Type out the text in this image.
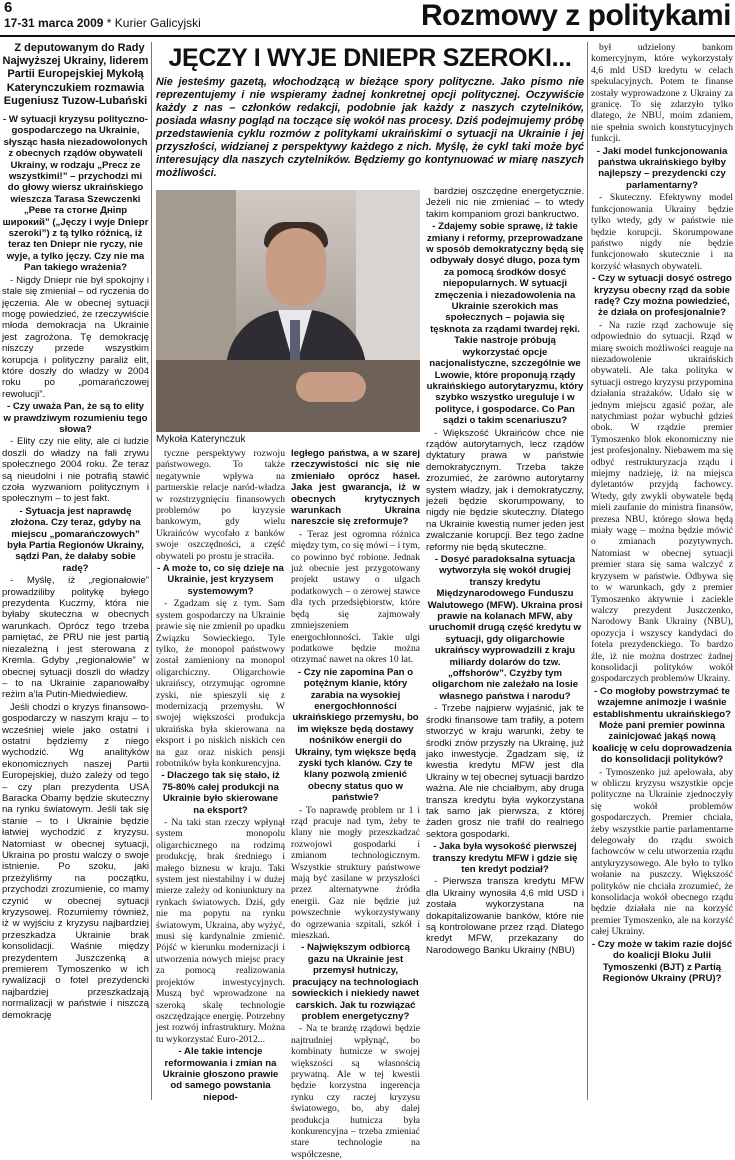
6
17-31 marca 2009 * Kurier Galicyjski	Rozmowy z politykami

Z deputowanym do Rady Najwyższej Ukrainy, liderem Partii Europejskiej Mykołą Katerynczukiem rozmawia Eugeniusz Tuzow-Lubański

- W sytuacji kryzysu polityczno-gospodarczego na Ukrainie, słysząc hasła niezadowolonych z obecnych rządów obywateli Ukrainy, w rodzaju „Precz ze wszystkimi!” – przychodzi mi do głowy wiersz ukraińskiego wieszcza Tarasa Szewczenki „Реве та стогне Дніпр широкий” („Jęczy i wyje Dniepr szeroki”) z tą tylko różnicą, iż teraz ten Dniepr nie ryczy, nie wyje, a tylko jęczy. Czy nie ma Pan takiego wrażenia?

- Nigdy Dniepr nie był spokojny i stale się zmieniał – od ryczenia do jęczenia. Ale w obecnej sytuacji mogę powiedzieć, że rzeczywiście młoda demokracja na Ukrainie jest zagrożona. Tę demokrację niszczy przede wszystkim korupcja i polityczny paraliż elit, które doszły do władzy w 2004 roku po „pomarańczowej rewolucji”.

- Czy uważa Pan, że są to elity w prawdziwym rozumieniu tego słowa?

- Elity czy nie elity, ale ci ludzie doszli do władzy na fali zrywu społecznego 2004 roku. Że teraz są nieudolni i nie potrafią stawić czoła wyzwaniom politycznym i społecznym – to jest fakt.

- Sytuacja jest naprawdę złożona. Czy teraz, gdyby na miejscu „pomarańczowych” była Partia Regionów Ukrainy, sądzi Pan, że dałaby sobie radę?

- Myślę, iż „regionałowie” prowadziliby politykę byłego prezydenta Kuczmy, która nie byłaby skuteczna w obecnych warunkach. Oprócz tego trzeba pamiętać, że PRU nie jest partią niezależną i jest sterowana z Kremla. Gdyby „regionałowie” w obecnej sytuacji doszli do władzy – to na Ukrainie zapanowałby reżim a’la Putin-Miedwiediew.

Jeśli chodzi o kryzys finansowo-gospodarczy w naszym kraju – to wcześniej wiele jako ostatni i ostatni będziemy z niego wychodzić. Wg analityków ekonomicznych naszej Partii Europejskiej, dużo zależy od tego – czy plan prezydenta USA Baracka Obamy będzie skuteczny na rynku światowym. Jeśli tak się stanie – to i Ukrainie będzie łatwiej wychodzić z kryzysu. Natomiast w obecnej sytuacji, Ukraina po prostu walczy o swoje istnienie. Po szoku, jaki przeżyliśmy na początku, przychodzi zrozumienie, co mamy czynić w obecnej sytuacji kryzysowej. Rozumiemy również, iż w wyjściu z kryzysu najbardziej przeszkadza Ukrainie brak konsolidacji. Waśnie między prezydentem Juszczenką a premierem Tymoszenko w ich rywalizacji o fotel prezydencki najbardziej przeszkadzają normalizacji w państwie i niszczą demokrację

JĘCZY I WYJE DNIEPR SZEROKI...
Nie jesteśmy gazetą, włochodzącą w bieżące spory polityczne. Jako pismo nie reprezentujemy i nie wspieramy żadnej konkretnej opcji politycznej. Oczywiście każdy z nas – członków redakcji, podobnie jak każdy z naszych czytelników, posiada własny pogląd na toczące się wokół nas procesy. Dziś podejmujemy próbę przedstawienia cyklu rozmów z politykami ukraińskimi o sytuacji na Ukrainie i jej przyszłości, widzianej z perspektywy każdego z nich. Myślę, że cykl taki może być interesujący dla naszych czytelników. Będziemy go kontynuować w miarę naszych możliwości.
Mykoła Katerynczuk

tyczne perspektywy rozwoju państwowego. To także negatywnie wpływa na partnerskie relacje naród-władza w rozstrzygnięciu finansowych problemów po kryzysie bankowym, gdy wielu Ukraińców wycofało z banków swoje oszczędności, a część obywateli po prostu je straciła.

- A może to, co się dzieje na Ukrainie, jest kryzysem systemowym?

- Zgadzam się z tym. Sam system gospodarczy na Ukrainie prawie się nie zmienił po upadku Związku Sowieckiego. Tyle tylko, że monopol państwowy został zamieniony na monopol oligarchiczny. Oligarchowie ukraińscy, otrzymując ogromne zyski, nie spieszyli się z modernizacją przemysłu. W swojej większości produkcja ukraińska była skierowana na eksport i po niskich niskich cen na gaz oraz niskich pensji robotników była konkurencyjna.

- Dlaczego tak się stało, iż 75-80% całej produkcji na Ukrainie było skierowane na eksport?

- Na taki stan rzeczy wpłynął system monopolu oligarchicznego na rodzimą produkcję, brak średniego i małego biznesu w kraju. Taki system jest niestabilny i w dużej mierze zależy od koniunktury na rynkach światowych. Dziś, gdy nie ma popytu na rynku światowym, Ukraina, aby wyżyć, musi się kardynalnie zmienić. Pójść w kierunku modernizacji i utworzenia nowych miejsc pracy za pomocą realizowania projektów inwestycyjnych. Muszą być wprowadzone na szeroką skalę technologie oszczędzające energię. Potrzebny jest rozwój infrastruktury. Można tu wykorzystać Euro-2012...

- Ale takie intencje reformowania i zmian na Ukrainie głoszono prawie od samego powstania niepod-

ległego państwa, a w szarej rzeczywistości nic się nie zmieniało oprócz haseł. Jaka jest gwarancja, iż w obecnych krytycznych warunkach Ukraina nareszcie się zreformuje?

- Teraz jest ogromna różnica między tym, co się mówi – i tym, co powinno być robione. Jednak już obecnie jest przygotowany projekt ustawy o ulgach podatkowych – o zerowej stawce dla tych przedsiębiorstw, które będą się zajmowały zmniejszeniem energochłonności. Takie ulgi podatkowe będzie można otrzymać nawet na okres 10 lat.

- Czy nie zapomina Pan o potężnym klanie, który zarabia na wysokiej energochłonności ukraińskiego przemysłu, bo im większe będą dostawy nośników energii do Ukrainy, tym większe będą zyski tych klanów. Czy te klany pozwolą zmienić obecny status quo w państwie?

- To naprawdę problem nr 1 i rząd pracuje nad tym, żeby te klany nie mogły przeszkadzać rozwojowi gospodarki i zmianom technologicznym. Wszystkie struktury państwowe mają być zasilane w przyszłości przez alternatywne źródła energii. Gaz nie będzie już powszechnie wykorzystywany do ogrzewania szpitali, szkół i mieszkań.

- Największym odbiorcą gazu na Ukrainie jest przemysł hutniczy, pracujący na technologiach sowieckich i niekiedy nawet carskich. Jak tu rozwiązać problem energetyczny?

- Na te branżę rządowi będzie najtrudniej wpłynąć, bo kombinaty hutnicze w swojej większości są własnością prywatną. Ale w tej kwestii będzie korzystna ingerencja rynku czy raczej kryzysu światowego, bo, aby dalej produkcja hutnicza była konkurencyjna – trzeba zmieniać stare technologie na współczesne,

bardziej oszczędne energetycznie. Jeżeli nic nie zmieniać – to wtedy takim kompaniom grozi bankructwo.

- Zdajemy sobie sprawę, iż takie zmiany i reformy, przeprowadzane w sposób demokratyczny będą się odbywały dosyć długo, poza tym za pomocą środków dosyć niepopularnych. W sytuacji zmęczenia i niezadowolenia na Ukrainie szerokich mas społecznych – pojawia się tęsknota za rządami twardej ręki. Takie nastroje próbują wykorzystać opcje nacjonalistyczne, szczególnie we Lwowie, które proponują rządy ukraińskiego autorytaryzmu, który szybko wszystko ureguluje i w polityce, i gospodarce. Co Pan sądzi o takim scenariuszu?

- Większość Ukraińców chce nie rządów autorytarnych, lecz rządów dyktatury prawa w państwie demokratycznym. Trzeba także zrozumieć, że zarówno autorytarny system władzy, jak i demokratyczny, jeżeli będzie skorumpowany, to nigdy nie będzie skuteczny. Dlatego na Ukrainie kwestią numer jeden jest zwalczanie korupcji. Bez tego żadne reformy nie będą skuteczne.

- Dosyć paradoksalna sytuacja wytworzyła się wokół drugiej transzy kredytu Międzynarodowego Funduszu Walutowego (MFW). Ukraina prosi prawie na kolanach MFW, aby uruchomił drugą część kredytu w sytuacji, gdy oligarchowie ukraińscy wyprowadzili z kraju miliardy dolarów do tzw. „offshorów”. Czyżby tym oligarchom nie zależało na losie własnego państwa i narodu?

- Trzebe najpierw wyjaśnić, jak te środki finansowe tam trafiły, a potem stworzyć w kraju warunki, żeby te środki znów przyszły na Ukrainę, już jako inwestycje. Zgadzam się, iż kwestia kredytu MFW jest dla Ukrainy w tej obecnej sytuacji bardzo ważna. Ale nie chciałbym, aby druga transza kredytu była wykorzystana tak samo jak pierwsza, z której żaden grosz nie trafił do realnego sektora gospodarki.

- Jaka była wysokość pierwszej transzy kredytu MFW i gdzie się ten kredyt podział?

- Pierwsza transza kredytu MFW dla Ukrainy wynosiła 4,6 mld USD i została wykorzystana na dokapitalizowanie banków, które nie są kontrolowane przez rząd. Dlatego kredyt MFW, przekazany do Narodowego Banku Ukrainy (NBU)

był udzielony bankom komercyjnym, które wykorzystały 4,6 mld USD kredytu w celach spekulacyjnych. Potem te finanse zostały wyprowadzone z Ukrainy za granicę. To się zdarzyło tylko dlatego, że NBU, moim zdaniem, nie spełnia swoich konstytucyjnych funkcji.

- Jaki model funkcjonowania państwa ukraińskiego byłby najlepszy – prezydencki czy parlamentarny?

- Skuteczny. Efektywny model funkcjonowania Ukrainy będzie tylko wtedy, gdy w państwie nie będzie korupcji. Skorumpowane państwo nigdy nie będzie funkcjonowało skutecznie i na korzyść własnych obywateli.

- Czy w sytuacji dosyć ostrego kryzysu obecny rząd da sobie radę? Czy można powiedzieć, że działa on profesjonalnie?

- Na razie rząd zachowuje się odpowiednio do sytuacji. Rząd w miarę swoich możliwości reaguje na niezadowolenie ukraińskich obywateli. Ale taka polityka w sytuacji ostrego kryzysu przypomina działania strażaków. Udało się w jednym miejscu zgasić pożar, ale natychmiast pożar wybuchł gdzieś obok. W rządzie premier Tymoszenko blok ekonomiczny nie jest profesjonalny. Niebawem ma się odbyć restrukturyzacja rządu i miejmy nadzieję, iż na miejsca dyletantów przyjdą fachowcy. Wtedy, gdy zwykli obywatele będą mieli zaufanie do ministra finansów, prezesa NBU, którego słowa będą miały wagę – można będzie mówić o zmianach pozytywnych. Natomiast w obecnej sytuacji premier stara się sama walczyć z kryzysem w państwie. Odbywa się to w warunkach, gdy z premier Tymoszenko aktywnie i zaciekle walczy prezydent Juszczenko, Narodowy Bank Ukrainy (NBU), opozycja i wszyscy kandydaci do fotela prezydenckiego. To bardzo źle, iż nie można dostrzec żadnej konsolidacji polityków wokół gospodarczych problemów Ukrainy.

- Co mogłoby powstrzymać te wzajemne animozje i waśnie establishmentu ukraińskiego? Może pani premier powinna zainicjować jakąś nową koalicję w celu doprowadzenia do konsolidacji polityków?

- Tymoszenko już apelowała, aby w obliczu kryzysu wszystkie opcje polityczne na Ukrainie zjednoczyły się wokół problemów gospodarczych. Premier chciała, żeby wszystkie partie parlamentarne delegowały do rządu swoich fachowców w celu utworzenia rządu antykryzysowego. Ale było to tylko wołanie na puszczy. Większość polityków nie chciała zrozumieć, że konsolidacja wokół obecnego rządu będzie działała nie na korzyść premier Tymoszenko, ale na korzyść całej Ukrainy.

- Czy może w takim razie dojść do koalicji Bloku Julii Tymoszenki (BJT) z Partią Regionów Ukrainy (PRU)?
